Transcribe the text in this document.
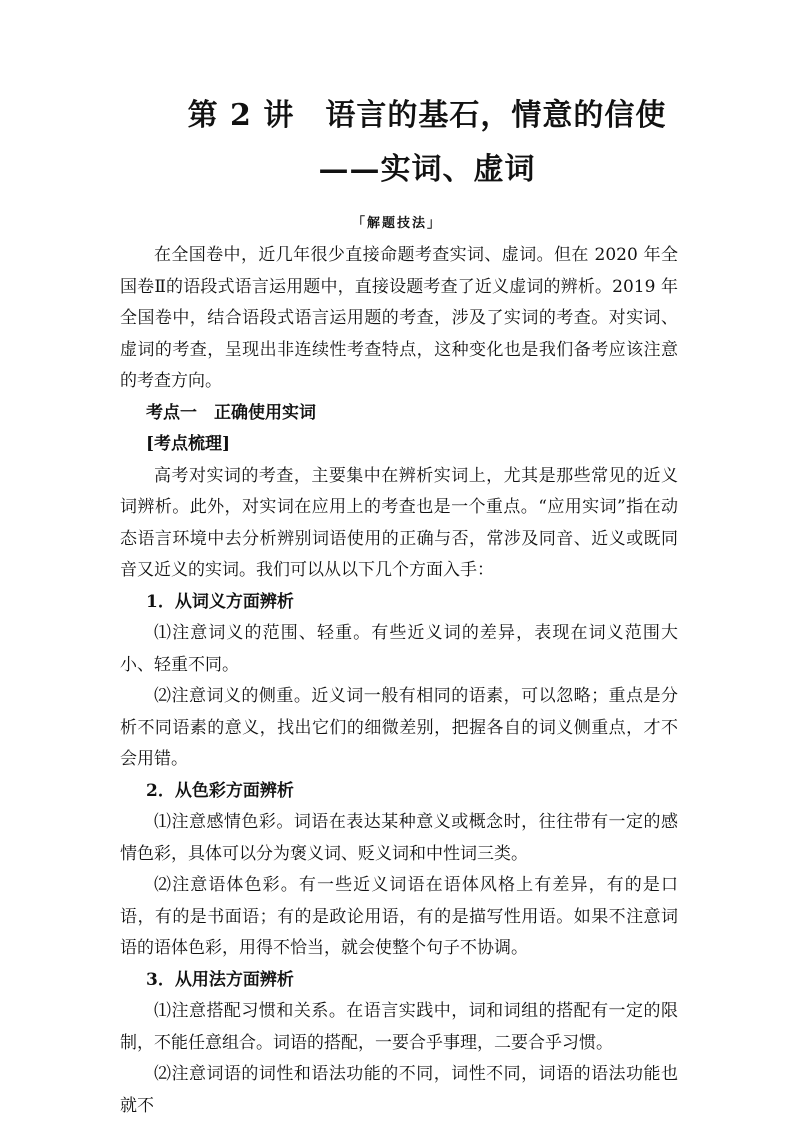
第 2 讲　语言的基石，情意的信使
——实词、虚词
「解题技法」

在全国卷中，近几年很少直接命题考查实词、虚词。但在 2020 年全国卷Ⅱ的语段式语言运用题中，直接设题考查了近义虚词的辨析。2019 年全国卷中，结合语段式语言运用题的考查，涉及了实词的考查。对实词、虚词的考查，呈现出非连续性考查特点，这种变化也是我们备考应该注意的考查方向。

考点一　正确使用实词

[考点梳理]

高考对实词的考查，主要集中在辨析实词上，尤其是那些常见的近义词辨析。此外，对实词在应用上的考查也是一个重点。“应用实词”指在动态语言环境中去分析辨别词语使用的正确与否，常涉及同音、近义或既同音又近义的实词。我们可以从以下几个方面入手：

1．从词义方面辨析

⑴注意词义的范围、轻重。有些近义词的差异，表现在词义范围大小、轻重不同。

⑵注意词义的侧重。近义词一般有相同的语素，可以忽略；重点是分析不同语素的意义，找出它们的细微差别，把握各自的词义侧重点，才不会用错。

2．从色彩方面辨析

⑴注意感情色彩。词语在表达某种意义或概念时，往往带有一定的感情色彩，具体可以分为褒义词、贬义词和中性词三类。

⑵注意语体色彩。有一些近义词语在语体风格上有差异，有的是口语，有的是书面语；有的是政论用语，有的是描写性用语。如果不注意词语的语体色彩，用得不恰当，就会使整个句子不协调。

3．从用法方面辨析

⑴注意搭配习惯和关系。在语言实践中，词和词组的搭配有一定的限制，不能任意组合。词语的搭配，一要合乎事理，二要合乎习惯。

⑵注意词语的词性和语法功能的不同，词性不同，词语的语法功能也就不
